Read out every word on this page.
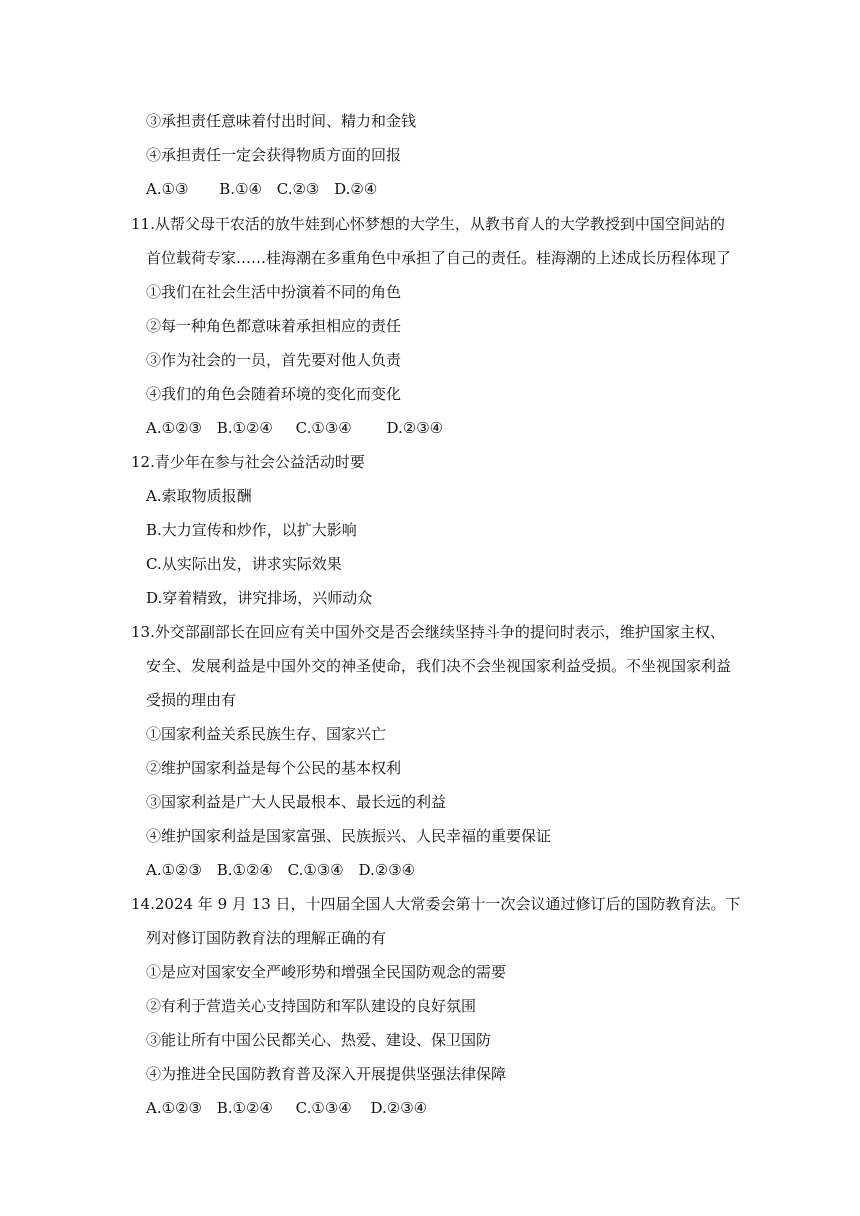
③承担责任意味着付出时间、精力和金钱
④承担责任一定会获得物质方面的回报
A.①③ B.①④ C.②③ D.②④
11.从帮父母干农活的放牛娃到心怀梦想的大学生，从教书育人的大学教授到中国空间站的
首位载荷专家……桂海潮在多重角色中承担了自己的责任。桂海潮的上述成长历程体现了
①我们在社会生活中扮演着不同的角色
②每一种角色都意味着承担相应的责任
③作为社会的一员，首先要对他人负责
④我们的角色会随着环境的变化而变化
A.①②③ B.①②④ C.①③④ D.②③④
12.青少年在参与社会公益活动时要
A.索取物质报酬
B.大力宣传和炒作，以扩大影响
C.从实际出发，讲求实际效果
D.穿着精致，讲究排场，兴师动众
13.外交部副部长在回应有关中国外交是否会继续坚持斗争的提问时表示，维护国家主权、
安全、发展利益是中国外交的神圣使命，我们决不会坐视国家利益受损。不坐视国家利益
受损的理由有
①国家利益关系民族生存、国家兴亡
②维护国家利益是每个公民的基本权利
③国家利益是广大人民最根本、最长远的利益
④维护国家利益是国家富强、民族振兴、人民幸福的重要保证
A.①②③ B.①②④ C.①③④ D.②③④
14.2024 年 9 月 13 日，十四届全国人大常委会第十一次会议通过修订后的国防教育法。下
列对修订国防教育法的理解正确的有
①是应对国家安全严峻形势和增强全民国防观念的需要
②有利于营造关心支持国防和军队建设的良好氛围
③能让所有中国公民都关心、热爱、建设、保卫国防
④为推进全民国防教育普及深入开展提供坚强法律保障
A.①②③ B.①②④ C.①③④ D.②③④
